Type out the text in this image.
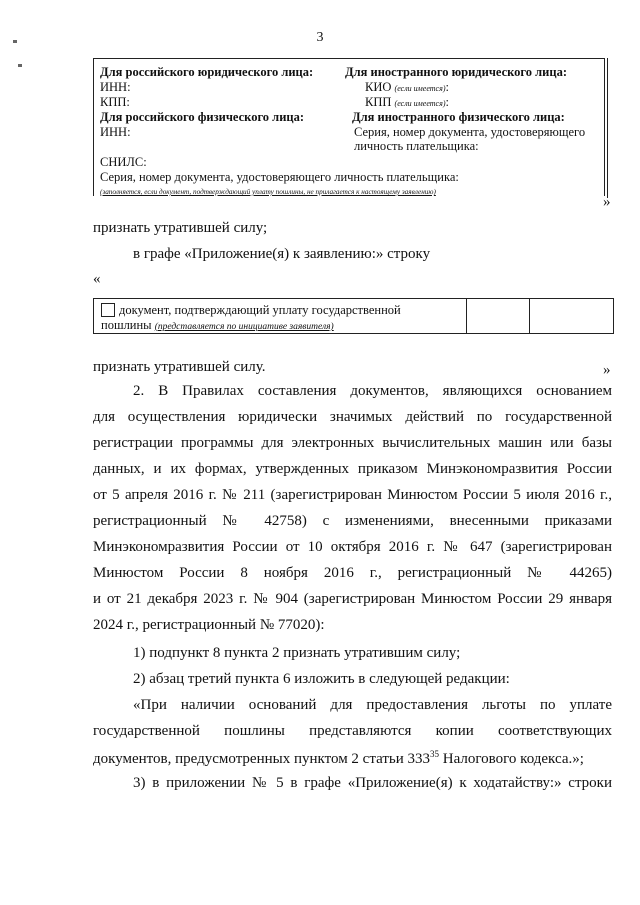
3
Для российского юридического лица:
ИНН:
КПП:
Для российского физического лица:
ИНН:
Для иностранного юридического лица:
КИО (если имеется):
КПП (если имеется):
Для иностранного физического лица:
Серия, номер документа, удостоверяющего
личность плательщика:
СНИЛС:
Серия, номер документа, удостоверяющего личность плательщика:
(заполняется, если документ, подтверждающий уплату пошлины, не прилагается к настоящему заявлению)
»
признать утратившей силу;
в графе «Приложение(я) к заявлению:» строку
«
документ, подтверждающий уплату государственной
пошлины (представляется по инициативе заявителя)
»
признать утратившей силу.
2. В Правилах составления документов, являющихся основанием
для осуществления юридически значимых действий по государственной
регистрации программы для электронных вычислительных машин или базы
данных, и их формах, утвержденных приказом Минэкономразвития России
от 5 апреля 2016 г. № 211 (зарегистрирован Минюстом России 5 июля 2016 г.,
регистрационный № 42758) с изменениями, внесенными приказами
Минэкономразвития России от 10 октября 2016 г. № 647 (зарегистрирован
Минюстом России 8 ноября 2016 г., регистрационный № 44265)
и от 21 декабря 2023 г. № 904 (зарегистрирован Минюстом России 29 января
2024 г., регистрационный № 77020):
1) подпункт 8 пункта 2 признать утратившим силу;
2) абзац третий пункта 6 изложить в следующей редакции:
«При наличии оснований для предоставления льготы по уплате
государственной пошлины представляются копии соответствующих
документов, предусмотренных пунктом 2 статьи $333^{35}$ Налогового кодекса.»;
3) в приложении № 5 в графе «Приложение(я) к ходатайству:» строки
